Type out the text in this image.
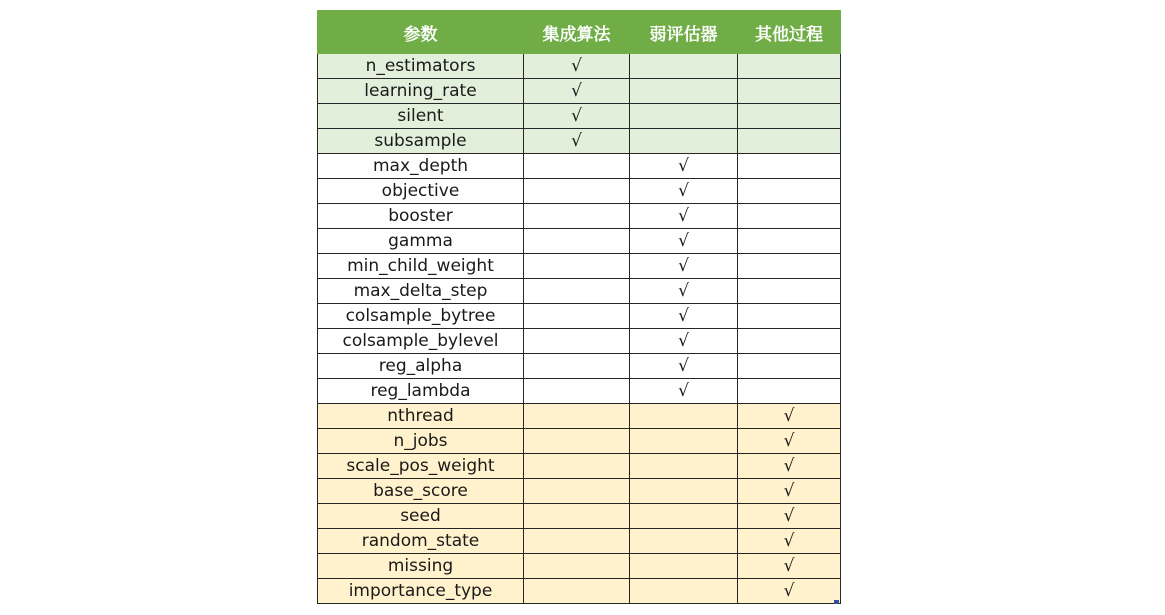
参数	集成算法	弱评估器	其他过程
n_estimators	√		
learning_rate	√		
silent	√		
subsample	√		
max_depth		√	
objective		√	
booster		√	
gamma		√	
min_child_weight		√	
max_delta_step		√	
colsample_bytree		√	
colsample_bylevel		√	
reg_alpha		√	
reg_lambda		√	
nthread			√
n_jobs			√
scale_pos_weight			√
base_score			√
seed			√
random_state			√
missing			√
importance_type			√
